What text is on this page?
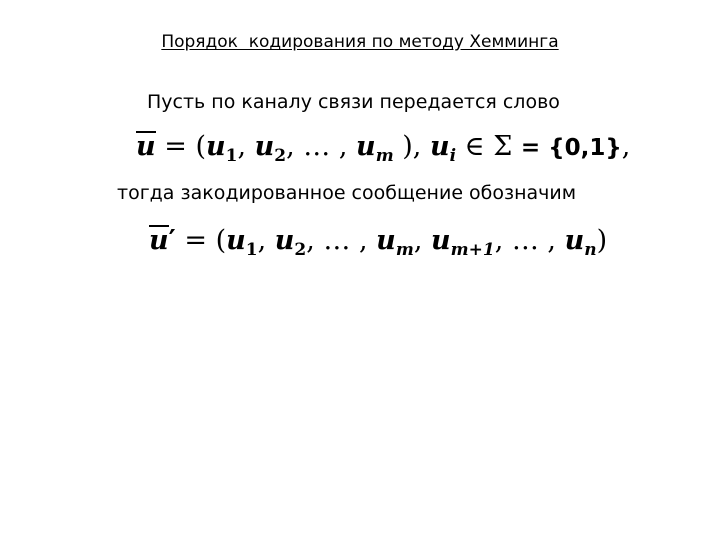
Порядок  кодирования по методу Хемминга
Пусть по каналу связи передается слово
$u = (u_1$, $u_2$, … , $u_m$ ), $u_i$ ∈ Σ = {0,1},
тогда закодированное сообщение обозначим
$u' = (u_1$, $u_2$, … , $u_m$, $u_{m+1}$, … , $u_n$)
